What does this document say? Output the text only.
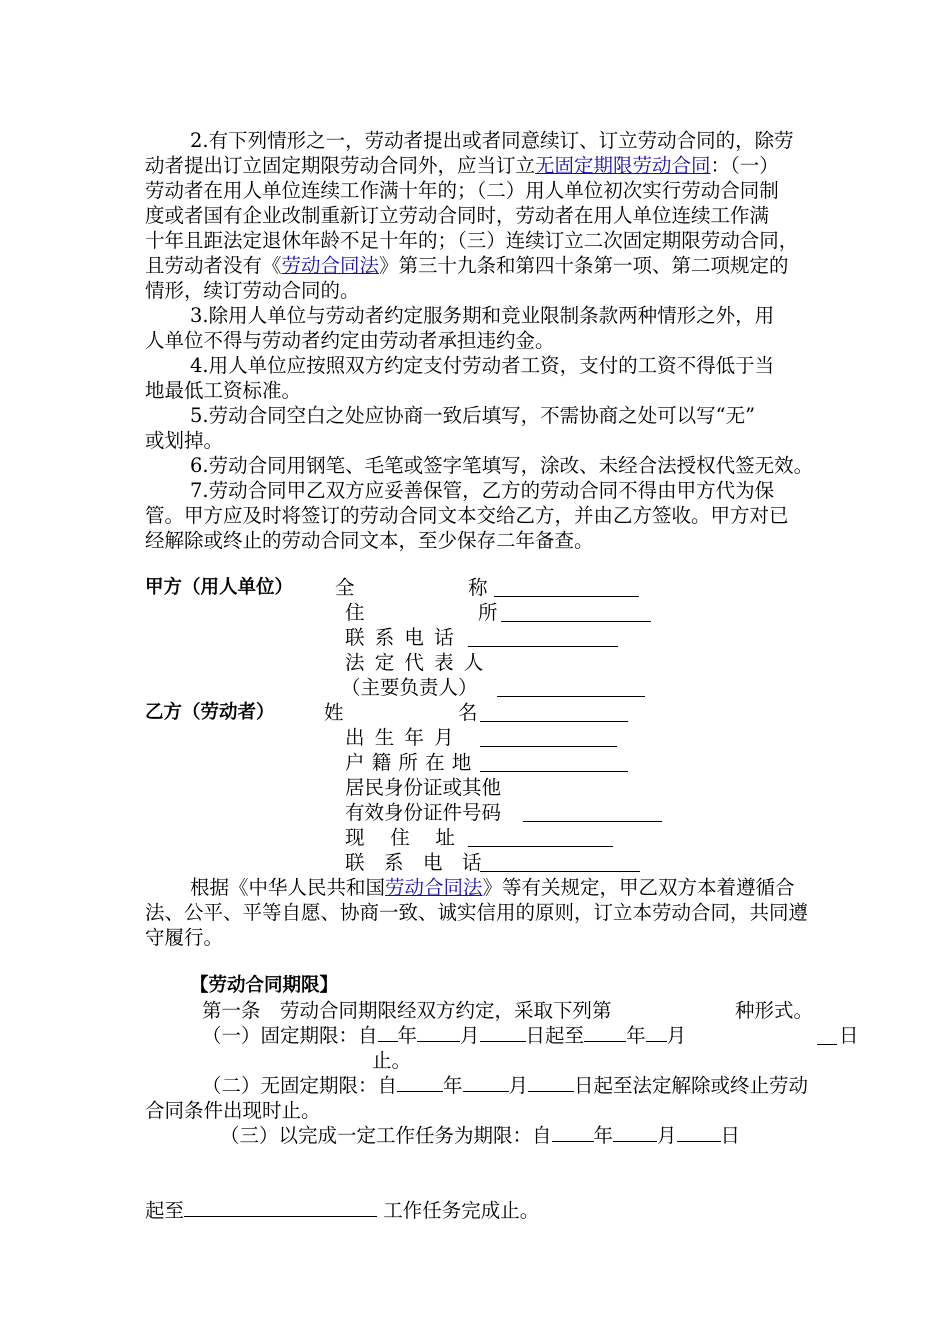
2.有下列情形之一，劳动者提出或者同意续订、订立劳动合同的，除劳
动者提出订立固定期限劳动合同外，应当订立无固定期限劳动合同：（一）
劳动者在用人单位连续工作满十年的；（二）用人单位初次实行劳动合同制
度或者国有企业改制重新订立劳动合同时，劳动者在用人单位连续工作满
十年且距法定退休年龄不足十年的；（三）连续订立二次固定期限劳动合同，
且劳动者没有《劳动合同法》第三十九条和第四十条第一项、第二项规定的
情形，续订劳动合同的。
3.除用人单位与劳动者约定服务期和竞业限制条款两种情形之外，用
人单位不得与劳动者约定由劳动者承担违约金。
4.用人单位应按照双方约定支付劳动者工资，支付的工资不得低于当
地最低工资标准。
5.劳动合同空白之处应协商一致后填写，不需协商之处可以写“无”
或划掉。
6.劳动合同用钢笔、毛笔或签字笔填写，涂改、未经合法授权代签无效。
7.劳动合同甲乙双方应妥善保管，乙方的劳动合同不得由甲方代为保
管。甲方应及时将签订的劳动合同文本交给乙方，并由乙方签收。甲方对已
经解除或终止的劳动合同文本，至少保存二年备查。
甲方（用人单位） 全	称
住	所
联 系 电 话
法 定 代 表 人
（主要负责人）
乙方（劳动者）	姓	名
出 生 年 月
户 籍 所 在 地
居民身份证或其他
有效身份证件号码
现　 住　 址
联　系　电　话
根据《中华人民共和国劳动合同法》等有关规定，甲乙双方本着遵循合
法、公平、平等自愿、协商一致、诚实信用的原则，订立本劳动合同，共同遵
守履行。
【劳动合同期限】
第一条　劳动合同期限经双方约定，采取下列第	种形式。
（一）固定期限：自 年 月 日起至 年 月	日
止。
（二）无固定期限：自 年 月 日起至法定解除或终止劳动
合同条件出现时止。
（三）以完成一定工作任务为期限：自 年 月 日
起至	工作任务完成止。
